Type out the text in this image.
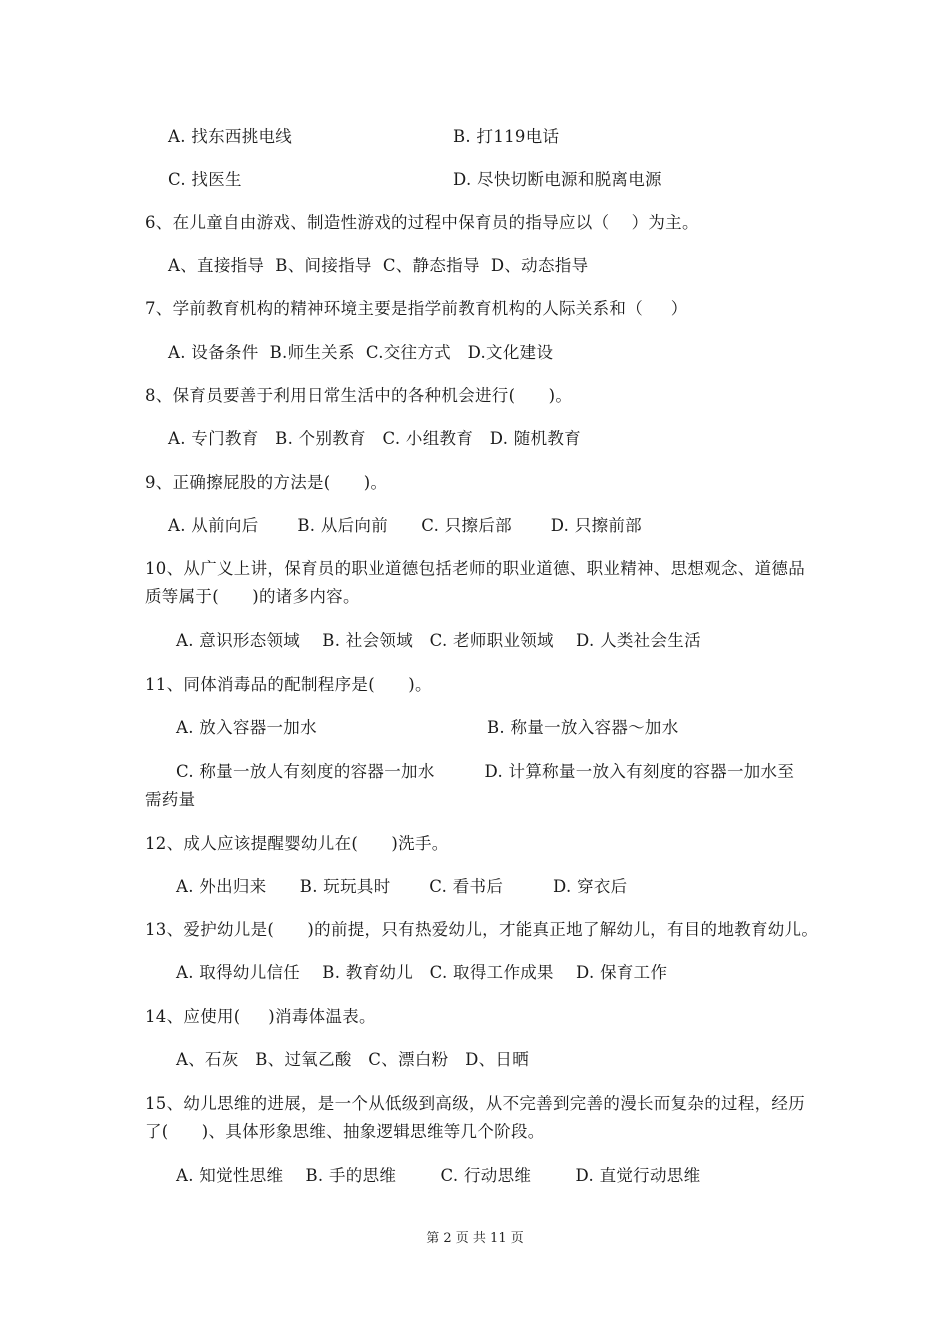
A. 找东西挑电线	B. 打119电话
C. 找医生	D. 尽快切断电源和脱离电源
6、在儿童自由游戏、制造性游戏的过程中保育员的指导应以（    ）为主。
A、直接指导  B、间接指导  C、静态指导  D、动态指导
7、学前教育机构的精神环境主要是指学前教育机构的人际关系和（     ）
A. 设备条件  B.师生关系  C.交往方式   D.文化建设
8、保育员要善于利用日常生活中的各种机会进行(      )。
A. 专门教育   B. 个别教育   C. 小组教育   D. 随机教育
9、正确擦屁股的方法是(      )。
A. 从前向后       B. 从后向前      C. 只擦后部       D. 只擦前部
10、从广义上讲，保育员的职业道德包括老师的职业道德、职业精神、思想观念、道德品
质等属于(      )的诸多内容。
A. 意识形态领域    B. 社会领域   C. 老师职业领域    D. 人类社会生活
11、同体消毒品的配制程序是(      )。
A. 放入容器一加水	B. 称量一放入容器～加水
C. 称量一放人有刻度的容器一加水         D. 计算称量一放入有刻度的容器一加水至
需药量
12、成人应该提醒婴幼儿在(      )洗手。
A. 外出归来      B. 玩玩具时       C. 看书后         D. 穿衣后
13、爱护幼儿是(      )的前提，只有热爱幼儿，才能真正地了解幼儿，有目的地教育幼儿。
A. 取得幼儿信任    B. 教育幼儿   C. 取得工作成果    D. 保育工作
14、应使用(     )消毒体温表。
A、石灰   B、过氧乙酸   C、漂白粉   D、日晒
15、幼儿思维的进展，是一个从低级到高级，从不完善到完善的漫长而复杂的过程，经历
了(      )、具体形象思维、抽象逻辑思维等几个阶段。
A. 知觉性思维    B. 手的思维        C. 行动思维        D. 直觉行动思维
第 2 页 共 11 页
